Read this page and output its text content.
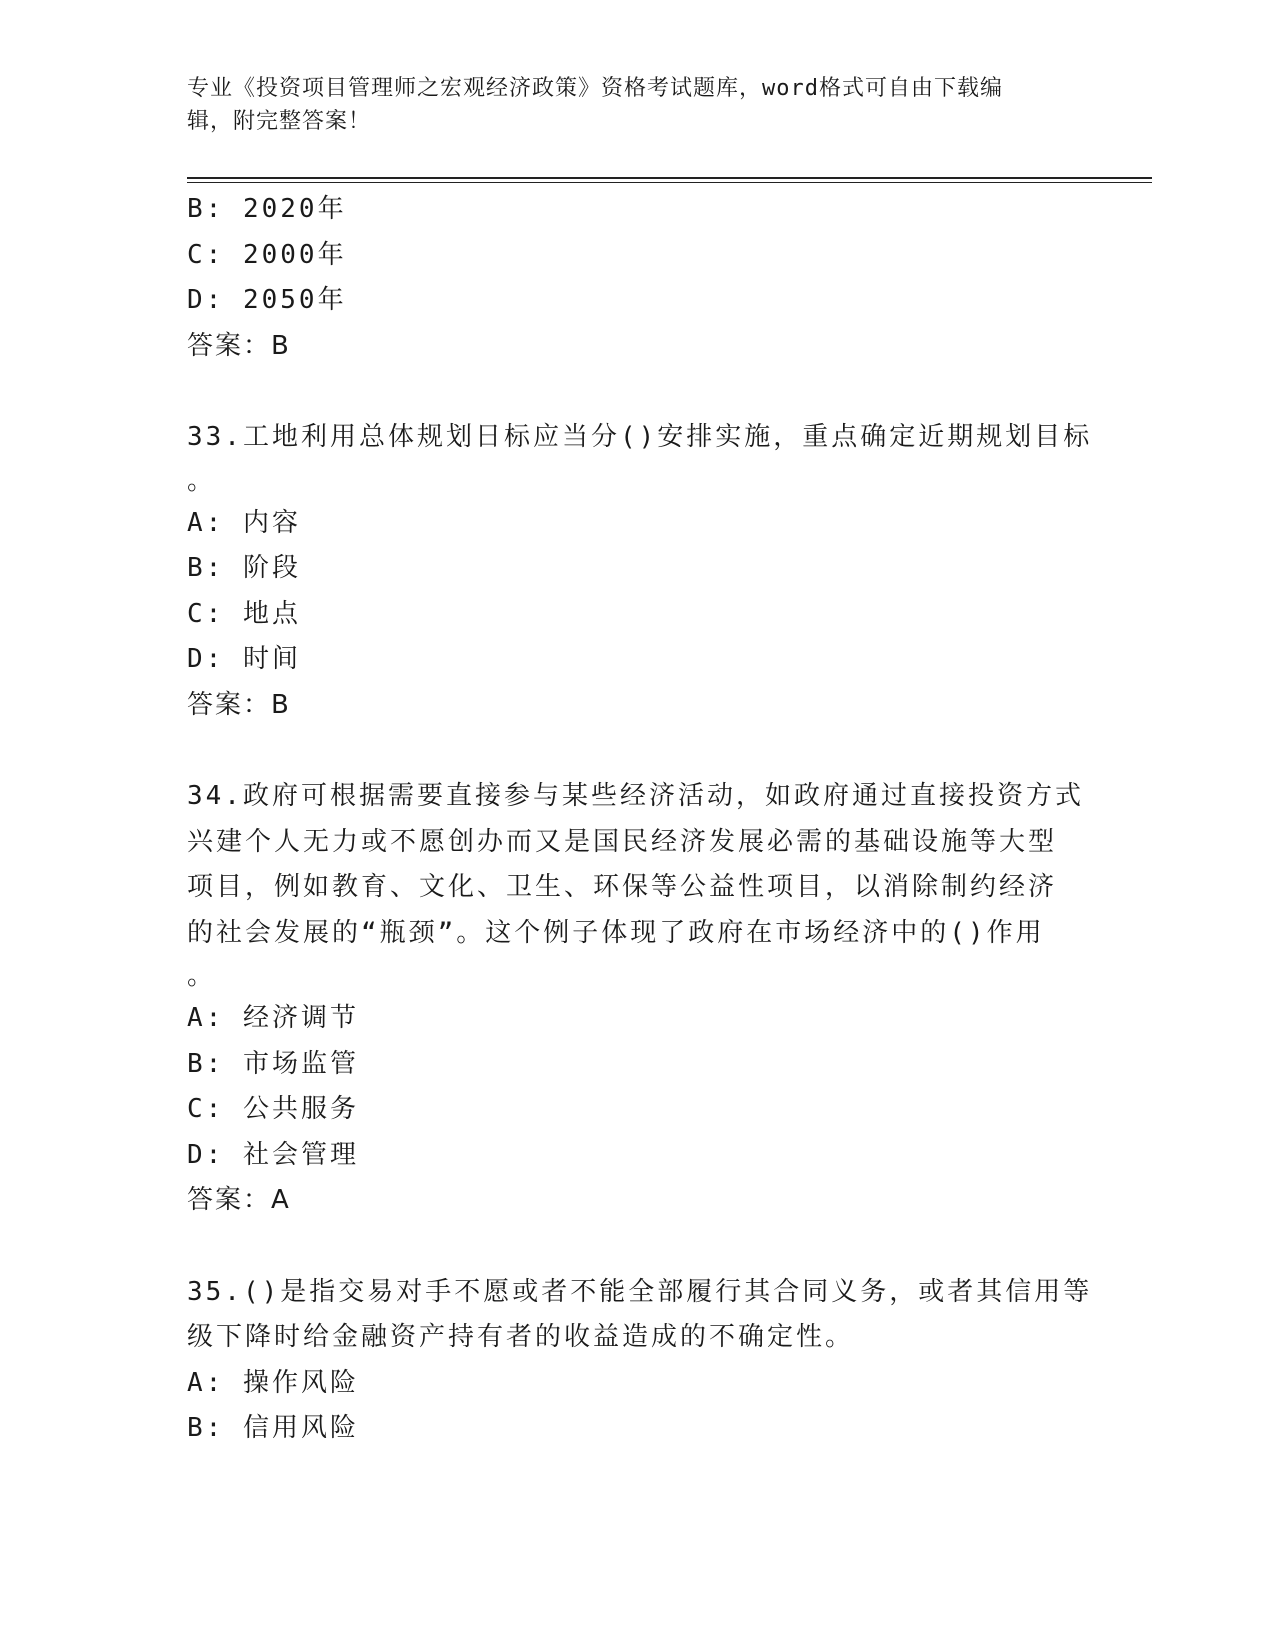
专业《投资项目管理师之宏观经济政策》资格考试题库，word格式可自由下载编
辑，附完整答案！
B: 2020年
C: 2000年
D: 2050年
答案：B
33.工地利用总体规划日标应当分()安排实施，重点确定近期规划目标
。
A: 内容
B: 阶段
C: 地点
D: 时间
答案：B
34.政府可根据需要直接参与某些经济活动，如政府通过直接投资方式
兴建个人无力或不愿创办而又是国民经济发展必需的基础设施等大型
项目，例如教育、文化、卫生、环保等公益性项目，以消除制约经济
的社会发展的“瓶颈”。这个例子体现了政府在市场经济中的()作用
。
A: 经济调节
B: 市场监管
C: 公共服务
D: 社会管理
答案：A
35.()是指交易对手不愿或者不能全部履行其合同义务，或者其信用等
级下降时给金融资产持有者的收益造成的不确定性。
A: 操作风险
B: 信用风险
